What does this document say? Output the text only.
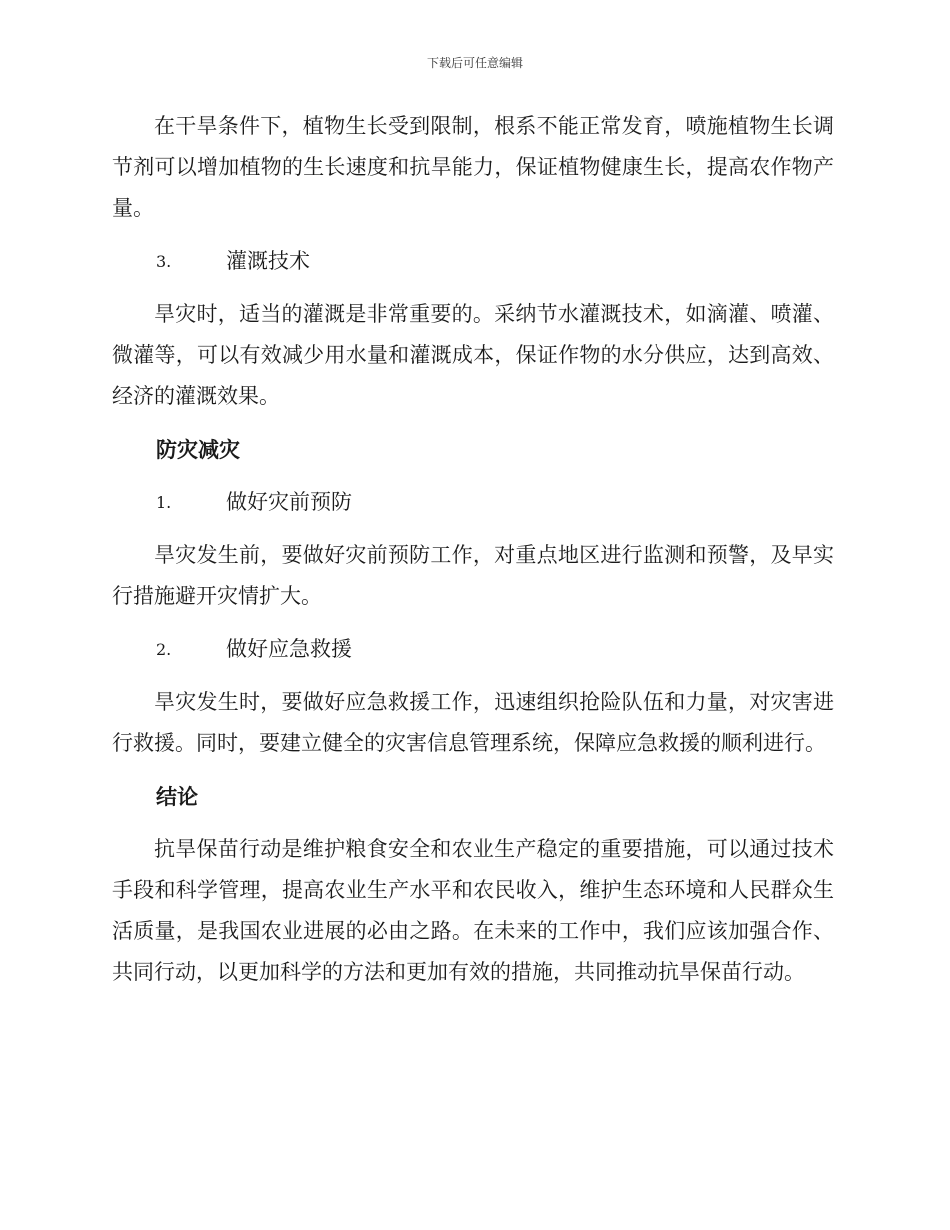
下载后可任意编辑

在干旱条件下，植物生长受到限制，根系不能正常发育，喷施植物生长调节剂可以增加植物的生长速度和抗旱能力，保证植物健康生长，提高农作物产量。

3.	灌溉技术

旱灾时，适当的灌溉是非常重要的。采纳节水灌溉技术，如滴灌、喷灌、微灌等，可以有效减少用水量和灌溉成本，保证作物的水分供应，达到高效、经济的灌溉效果。

防灾减灾
1.	做好灾前预防

旱灾发生前，要做好灾前预防工作，对重点地区进行监测和预警，及早实行措施避开灾情扩大。

2.	做好应急救援

旱灾发生时，要做好应急救援工作，迅速组织抢险队伍和力量，对灾害进行救援。同时，要建立健全的灾害信息管理系统，保障应急救援的顺利进行。

结论

抗旱保苗行动是维护粮食安全和农业生产稳定的重要措施，可以通过技术手段和科学管理，提高农业生产水平和农民收入，维护生态环境和人民群众生活质量，是我国农业进展的必由之路。在未来的工作中，我们应该加强合作、共同行动，以更加科学的方法和更加有效的措施，共同推动抗旱保苗行动。
